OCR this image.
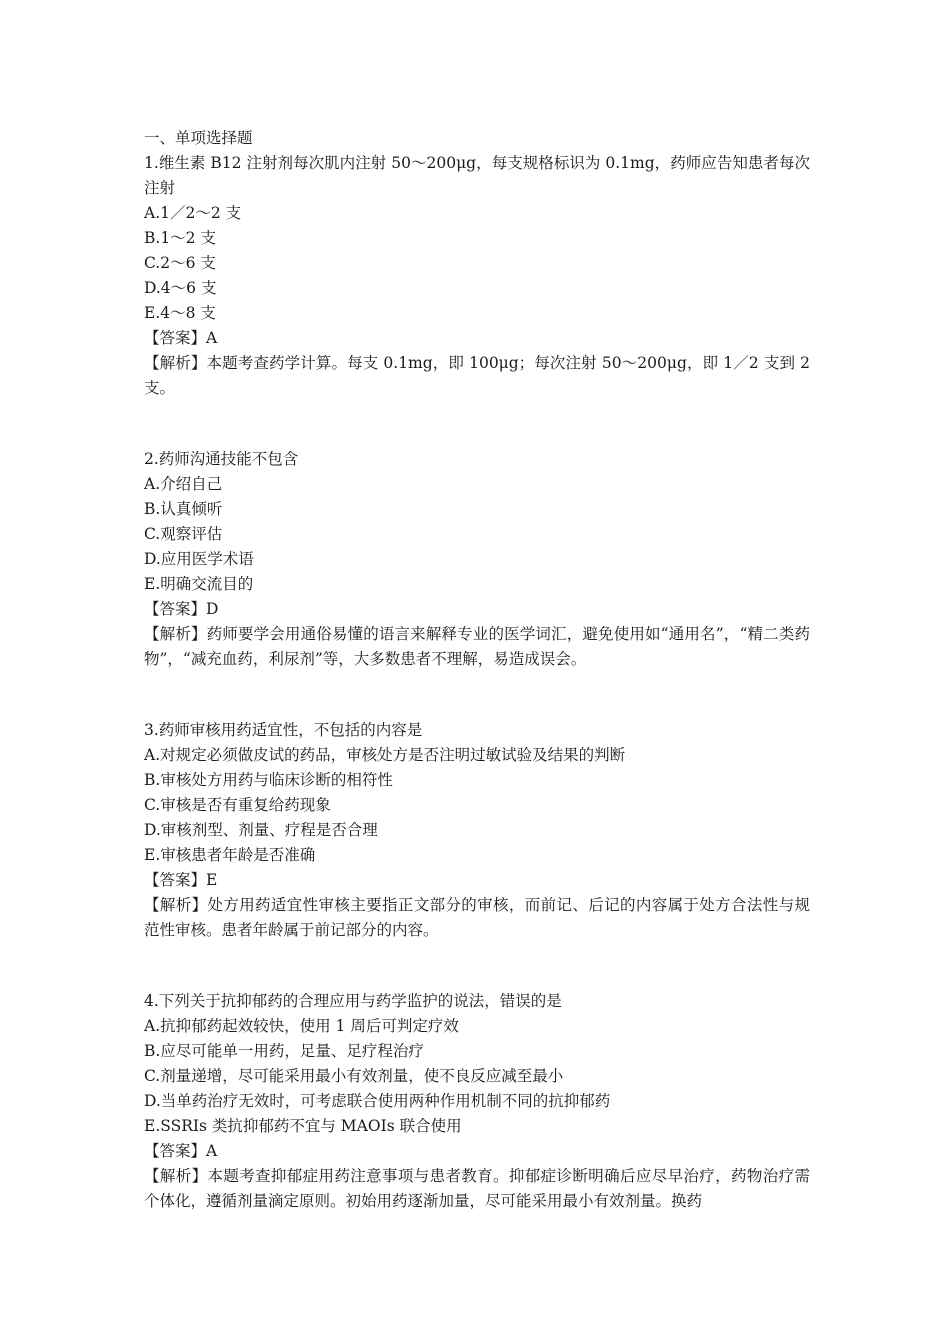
一、单项选择题

1.维生素 B12 注射剂每次肌内注射 50～200μg，每支规格标识为 0.1mg，药师应告知患者每次注射

A.1／2～2 支

B.1～2 支

C.2～6 支

D.4～6 支

E.4～8 支

【答案】A

【解析】本题考查药学计算。每支 0.1mg，即 100μg；每次注射 50～200μg，即 1／2 支到 2 支。

2.药师沟通技能不包含

A.介绍自己

B.认真倾听

C.观察评估

D.应用医学术语

E.明确交流目的

【答案】D

【解析】药师要学会用通俗易懂的语言来解释专业的医学词汇，避免使用如“通用名”，“精二类药物”，“减充血药，利尿剂”等，大多数患者不理解，易造成误会。

3.药师审核用药适宜性，不包括的内容是

A.对规定必须做皮试的药品，审核处方是否注明过敏试验及结果的判断

B.审核处方用药与临床诊断的相符性

C.审核是否有重复给药现象

D.审核剂型、剂量、疗程是否合理

E.审核患者年龄是否准确

【答案】E

【解析】处方用药适宜性审核主要指正文部分的审核，而前记、后记的内容属于处方合法性与规范性审核。患者年龄属于前记部分的内容。

4.下列关于抗抑郁药的合理应用与药学监护的说法，错误的是

A.抗抑郁药起效较快，使用 1 周后可判定疗效

B.应尽可能单一用药，足量、足疗程治疗

C.剂量递增，尽可能采用最小有效剂量，使不良反应减至最小

D.当单药治疗无效时，可考虑联合使用两种作用机制不同的抗抑郁药

E.SSRIs 类抗抑郁药不宜与 MAOIs 联合使用

【答案】A

【解析】本题考查抑郁症用药注意事项与患者教育。抑郁症诊断明确后应尽早治疗，药物治疗需个体化，遵循剂量滴定原则。初始用药逐渐加量，尽可能采用最小有效剂量。换药
